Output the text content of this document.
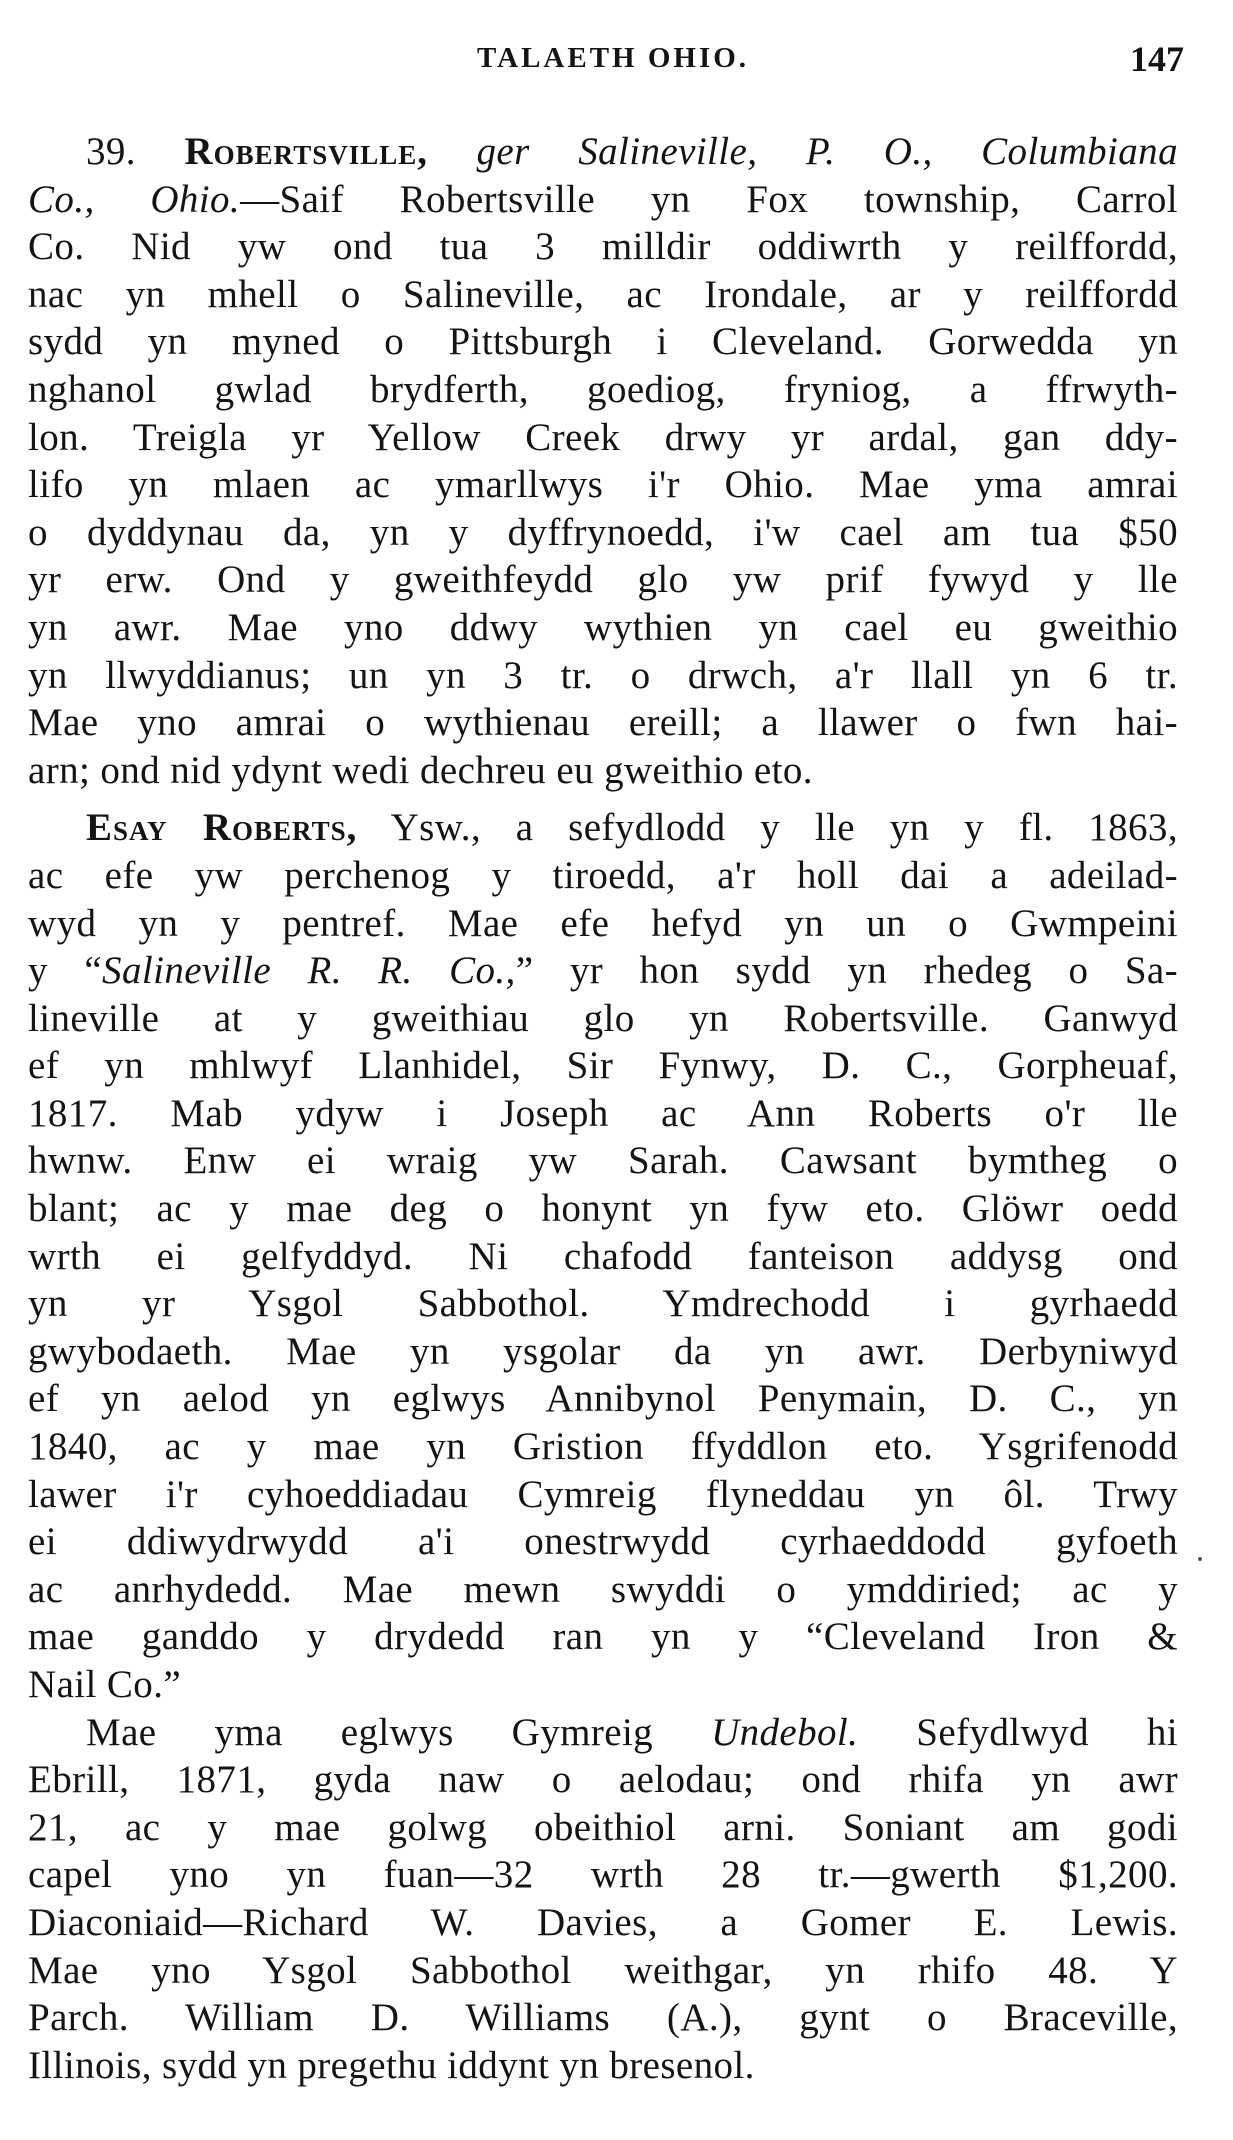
TALAETH OHIO.	147
39. Robertsville, ger Salineville, P. O., Columbiana
Co., Ohio.—Saif Robertsville yn Fox township, Carrol
Co. Nid yw ond tua 3 milldir oddiwrth y reilffordd,
nac yn mhell o Salineville, ac Irondale, ar y reilffordd
sydd yn myned o Pittsburgh i Cleveland. Gorwedda yn
nghanol gwlad brydferth, goediog, fryniog, a ffrwyth-
lon. Treigla yr Yellow Creek drwy yr ardal, gan ddy-
lifo yn mlaen ac ymarllwys i'r Ohio. Mae yma amrai
o dyddynau da, yn y dyffrynoedd, i'w cael am tua $50
yr erw. Ond y gweithfeydd glo yw prif fywyd y lle
yn awr. Mae yno ddwy wythien yn cael eu gweithio
yn llwyddianus; un yn 3 tr. o drwch, a'r llall yn 6 tr.
Mae yno amrai o wythienau ereill; a llawer o fwn hai-
arn; ond nid ydynt wedi dechreu eu gweithio eto.
Esay Roberts, Ysw., a sefydlodd y lle yn y fl. 1863,
ac efe yw perchenog y tiroedd, a'r holl dai a adeilad-
wyd yn y pentref. Mae efe hefyd yn un o Gwmpeini
y “Salineville R. R. Co.,” yr hon sydd yn rhedeg o Sa-
lineville at y gweithiau glo yn Robertsville. Ganwyd
ef yn mhlwyf Llanhidel, Sir Fynwy, D. C., Gorpheuaf,
1817. Mab ydyw i Joseph ac Ann Roberts o'r lle
hwnw. Enw ei wraig yw Sarah. Cawsant bymtheg o
blant; ac y mae deg o honynt yn fyw eto. Glöwr oedd
wrth ei gelfyddyd. Ni chafodd fanteison addysg ond
yn yr Ysgol Sabbothol. Ymdrechodd i gyrhaedd
gwybodaeth. Mae yn ysgolar da yn awr. Derbyniwyd
ef yn aelod yn eglwys Annibynol Penymain, D. C., yn
1840, ac y mae yn Gristion ffyddlon eto. Ysgrifenodd
lawer i'r cyhoeddiadau Cymreig flyneddau yn ôl. Trwy
ei ddiwydrwydd a'i onestrwydd cyrhaeddodd gyfoeth
ac anrhydedd. Mae mewn swyddi o ymddiried; ac y
mae ganddo y drydedd ran yn y “Cleveland Iron &
Nail Co.”
Mae yma eglwys Gymreig Undebol. Sefydlwyd hi
Ebrill, 1871, gyda naw o aelodau; ond rhifa yn awr
21, ac y mae golwg obeithiol arni. Soniant am godi
capel yno yn fuan—32 wrth 28 tr.—gwerth $1,200.
Diaconiaid—Richard W. Davies, a Gomer E. Lewis.
Mae yno Ysgol Sabbothol weithgar, yn rhifo 48. Y
Parch. William D. Williams (A.), gynt o Braceville,
Illinois, sydd yn pregethu iddynt yn bresenol.
